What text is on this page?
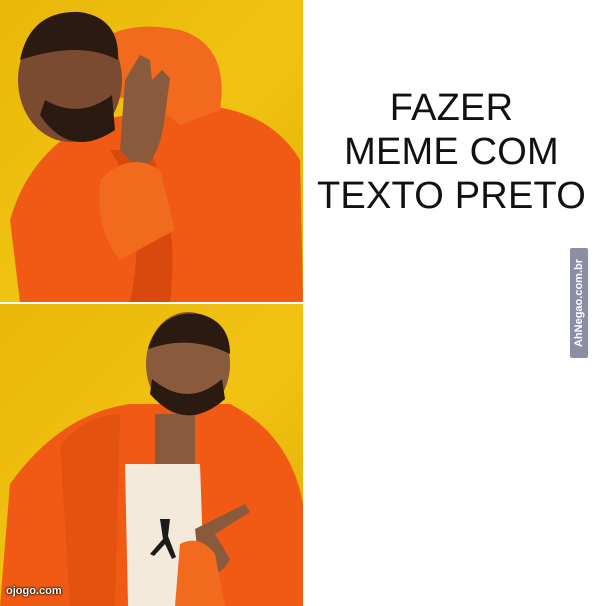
FAZER
MEME COM
TEXTO PRETO
AhNegao.com.br
ojogo.com
